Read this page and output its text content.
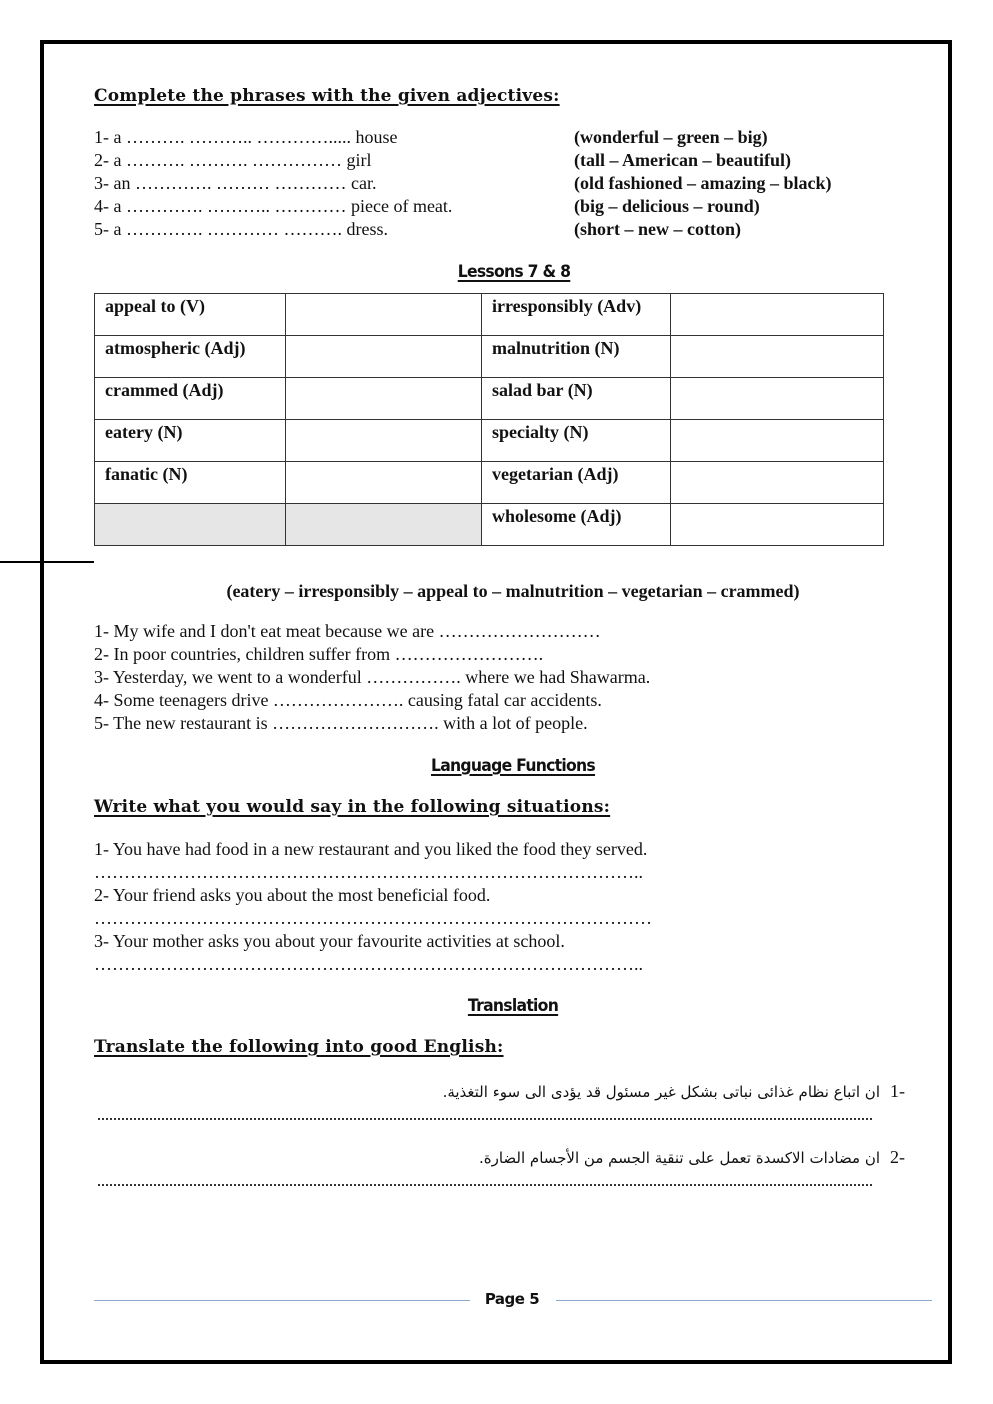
Complete the phrases with the given adjectives:
1- a ………. ……….. …………..... house	(wonderful – green – big)
2- a ………. ………. …………… girl	(tall – American – beautiful)
3- an …………. ……… ………… car.	(old fashioned – amazing – black)
4- a …………. ……….. ………… piece of meat.	(big – delicious – round)
5- a …………. ………… ………. dress.	(short – new – cotton)
Lessons 7 & 8
appeal to (V)		irresponsibly (Adv)	
atmospheric (Adj)		malnutrition (N)	
crammed (Adj)		salad bar (N)	
eatery (N)		specialty (N)	
fanatic (N)		vegetarian (Adj)	
		wholesome (Adj)	
(eatery – irresponsibly – appeal to – malnutrition – vegetarian – crammed)
1- My wife and I don't eat meat because we are ………………………
2- In poor countries, children suffer from …………………….
3- Yesterday, we went to a wonderful ……………. where we had Shawarma.
4- Some teenagers drive …………………. causing fatal car accidents.
5- The new restaurant is ………………………. with a lot of people.
Language Functions
Write what you would say in the following situations:
1- You have had food in a new restaurant and you liked the food they served.
………………………………………………………………………………..
2- Your friend asks you about the most beneficial food.
…………………………………………………………………………………
3- Your mother asks you about your favourite activities at school.
………………………………………………………………………………..
Translation
Translate the following into good English:
-1
ان اتباع نظام غذائى نباتى بشكل غير مسئول قد يؤدى الى سوء التغذية.
-2
ان مضادات الاكسدة تعمل على تنقية الجسم من الأجسام الضارة.
Page 5
